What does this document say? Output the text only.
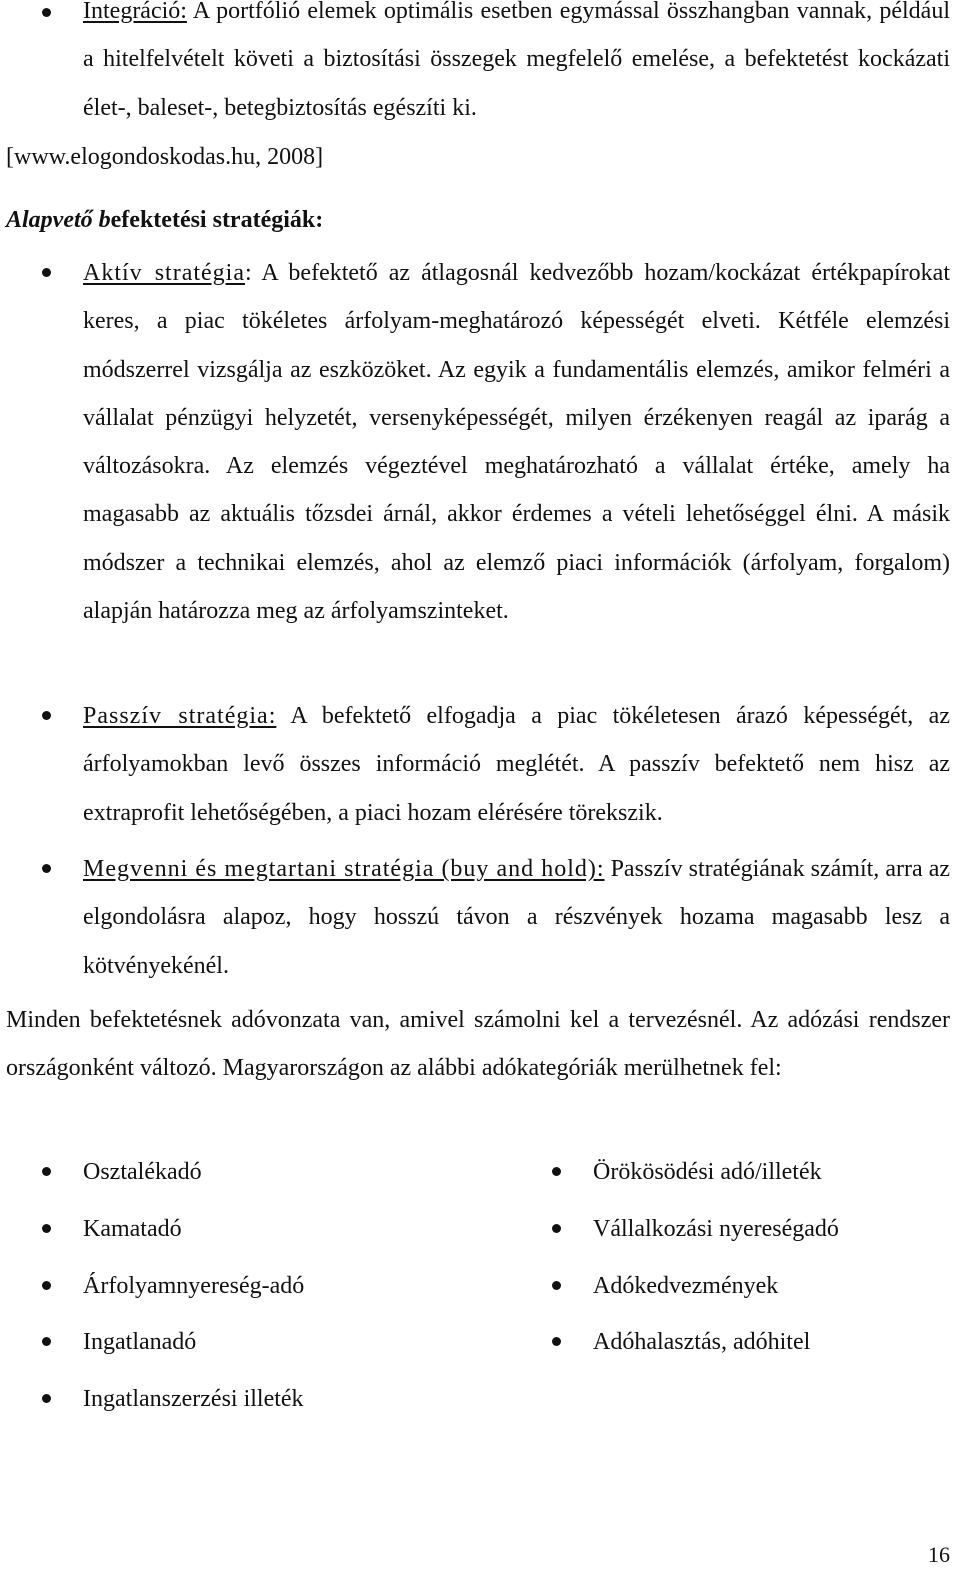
Integráció: A portfólió elemek optimális esetben egymással összhangban vannak, például a hitelfelvételt követi a biztosítási összegek megfelelő emelése, a befektetést kockázati élet-, baleset-, betegbiztosítás egészíti ki.

[www.elogondoskodas.hu, 2008]

Alapvető befektetési stratégiák:

Aktív stratégia: A befektető az átlagosnál kedvezőbb hozam/kockázat értékpapírokat keres, a piac tökéletes árfolyam-meghatározó képességét elveti. Kétféle elemzési módszerrel vizsgálja az eszközöket. Az egyik a fundamentális elemzés, amikor felméri a vállalat pénzügyi helyzetét, versenyképességét, milyen érzékenyen reagál az iparág a változásokra. Az elemzés végeztével meghatározható a vállalat értéke, amely ha magasabb az aktuális tőzsdei árnál, akkor érdemes a vételi lehetőséggel élni. A másik módszer a technikai elemzés, ahol az elemző piaci információk (árfolyam, forgalom) alapján határozza meg az árfolyamszinteket.

Passzív stratégia: A befektető elfogadja a piac tökéletesen árazó képességét, az árfolyamokban levő összes információ meglétét. A passzív befektető nem hisz az extraprofit lehetőségében, a piaci hozam elérésére törekszik.

Megvenni és megtartani stratégia (buy and hold): Passzív stratégiának számít, arra az elgondolásra alapoz, hogy hosszú távon a részvények hozama magasabb lesz a kötvényekénél.

Minden befektetésnek adóvonzata van, amivel számolni kel a tervezésnél. Az adózási rendszer országonként változó. Magyarországon az alábbi adókategóriák merülhetnek fel:

Osztalékadó
Kamatadó
Árfolyamnyereség-adó
Ingatlanadó
Ingatlanszerzési illeték
Örökösödési adó/illeték
Vállalkozási nyereségadó
Adókedvezmények
Adóhalasztás, adóhitel
16
